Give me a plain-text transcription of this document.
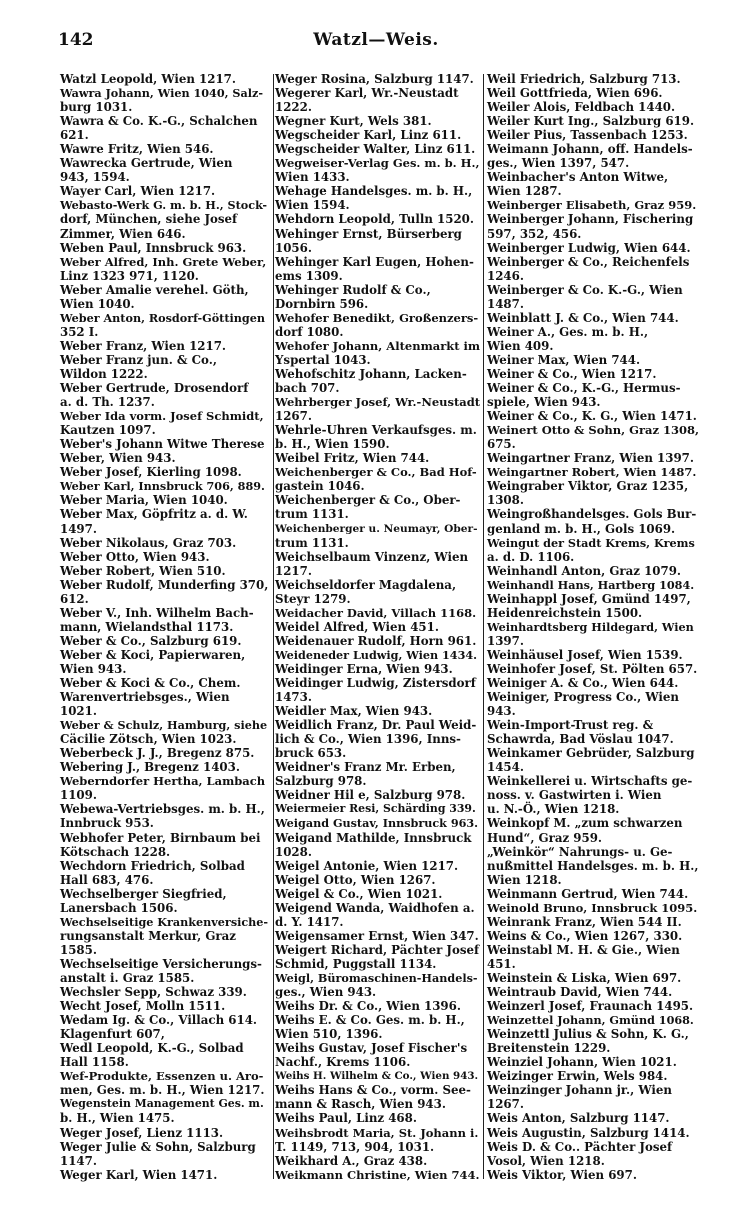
142	Watzl—Weis.
Watzl Leopold, Wien 1217.
Wawra Johann, Wien 1040, Salz-
burg 1031.
Wawra & Co. K.-G., Schalchen
621.
Wawre Fritz, Wien 546.
Wawrecka Gertrude, Wien
943, 1594.
Wayer Carl, Wien 1217.
Webasto-Werk G. m. b. H., Stock-
dorf, München, siehe Josef
Zimmer, Wien 646.
Weben Paul, Innsbruck 963.
Weber Alfred, Inh. Grete Weber,
Linz 1323 971, 1120.
Weber Amalie verehel. Göth,
Wien 1040.
Weber Anton, Rosdorf-Göttingen
352 I.
Weber Franz, Wien 1217.
Weber Franz jun. & Co.,
Wildon 1222.
Weber Gertrude, Drosendorf
a. d. Th. 1237.
Weber Ida vorm. Josef Schmidt,
Kautzen 1097.
Weber's Johann Witwe Therese
Weber, Wien 943.
Weber Josef, Kierling 1098.
Weber Karl, Innsbruck 706, 889.
Weber Maria, Wien 1040.
Weber Max, Göpfritz a. d. W.
1497.
Weber Nikolaus, Graz 703.
Weber Otto, Wien 943.
Weber Robert, Wien 510.
Weber Rudolf, Munderfing 370,
612.
Weber V., Inh. Wilhelm Bach-
mann, Wielandsthal 1173.
Weber & Co., Salzburg 619.
Weber & Koci, Papierwaren,
Wien 943.
Weber & Koci & Co., Chem.
Warenvertriebsges., Wien
1021.
Weber & Schulz, Hamburg, siehe
Cäcilie Zötsch, Wien 1023.
Weberbeck J. J., Bregenz 875.
Webering J., Bregenz 1403.
Weberndorfer Hertha, Lambach
1109.
Webewa-Vertriebsges. m. b. H.,
Innbruck 953.
Webhofer Peter, Birnbaum bei
Kötschach 1228.
Wechdorn Friedrich, Solbad
Hall 683, 476.
Wechselberger Siegfried,
Lanersbach 1506.
Wechselseitige Krankenversiche-
rungsanstalt Merkur, Graz
1585.
Wechselseitige Versicherungs-
anstalt i. Graz 1585.
Wechsler Sepp, Schwaz 339.
Wecht Josef, Molln 1511.
Wedam Ig. & Co., Villach 614.
Klagenfurt 607,
Wedl Leopold, K.-G., Solbad
Hall 1158.
Wef-Produkte, Essenzen u. Aro-
men, Ges. m. b. H., Wien 1217.
Wegenstein Management Ges. m.
b. H., Wien 1475.
Weger Josef, Lienz 1113.
Weger Julie & Sohn, Salzburg
1147.
Weger Karl, Wien 1471.
Weger Rosina, Salzburg 1147.
Wegerer Karl, Wr.-Neustadt
1222.
Wegner Kurt, Wels 381.
Wegscheider Karl, Linz 611.
Wegscheider Walter, Linz 611.
Wegweiser-Verlag Ges. m. b. H.,
Wien 1433.
Wehage Handelsges. m. b. H.,
Wien 1594.
Wehdorn Leopold, Tulln 1520.
Wehinger Ernst, Bürserberg
1056.
Wehinger Karl Eugen, Hohen-
ems 1309.
Wehinger Rudolf & Co.,
Dornbirn 596.
Wehofer Benedikt, Großenzers-
dorf 1080.
Wehofer Johann, Altenmarkt im
Yspertal 1043.
Wehofschitz Johann, Lacken-
bach 707.
Wehrberger Josef, Wr.-Neustadt
1267.
Wehrle-Uhren Verkaufsges. m.
b. H., Wien 1590.
Weibel Fritz, Wien 744.
Weichenberger & Co., Bad Hof-
gastein 1046.
Weichenberger & Co., Ober-
trum 1131.
Weichenberger u. Neumayr, Ober-
trum 1131.
Weichselbaum Vinzenz, Wien
1217.
Weichseldorfer Magdalena,
Steyr 1279.
Weidacher David, Villach 1168.
Weidel Alfred, Wien 451.
Weidenauer Rudolf, Horn 961.
Weideneder Ludwig, Wien 1434.
Weidinger Erna, Wien 943.
Weidinger Ludwig, Zistersdorf
1473.
Weidler Max, Wien 943.
Weidlich Franz, Dr. Paul Weid-
lich & Co., Wien 1396, Inns-
bruck 653.
Weidner's Franz Mr. Erben,
Salzburg 978.
Weidner Hil e, Salzburg 978.
Weiermeier Resi, Schärding 339.
Weigand Gustav, Innsbruck 963.
Weigand Mathilde, Innsbruck
1028.
Weigel Antonie, Wien 1217.
Weigel Otto, Wien 1267.
Weigel & Co., Wien 1021.
Weigend Wanda, Waidhofen a.
d. Y. 1417.
Weigensamer Ernst, Wien 347.
Weigert Richard, Pächter Josef
Schmid, Puggstall 1134.
Weigl, Büromaschinen-Handels-
ges., Wien 943.
Weihs Dr. & Co., Wien 1396.
Weihs E. & Co. Ges. m. b. H.,
Wien 510, 1396.
Weihs Gustav, Josef Fischer's
Nachf., Krems 1106.
Weihs H. Wilhelm & Co., Wien 943.
Weihs Hans & Co., vorm. See-
mann & Rasch, Wien 943.
Weihs Paul, Linz 468.
Weihsbrodt Maria, St. Johann i.
T. 1149, 713, 904, 1031.
Weikhard A., Graz 438.
Weikmann Christine, Wien 744.
Weil Friedrich, Salzburg 713.
Weil Gottfrieda, Wien 696.
Weiler Alois, Feldbach 1440.
Weiler Kurt Ing., Salzburg 619.
Weiler Pius, Tassenbach 1253.
Weimann Johann, off. Handels-
ges., Wien 1397, 547.
Weinbacher's Anton Witwe,
Wien 1287.
Weinberger Elisabeth, Graz 959.
Weinberger Johann, Fischering
597, 352, 456.
Weinberger Ludwig, Wien 644.
Weinberger & Co., Reichenfels
1246.
Weinberger & Co. K.-G., Wien
1487.
Weinblatt J. & Co., Wien 744.
Weiner A., Ges. m. b. H.,
Wien 409.
Weiner Max, Wien 744.
Weiner & Co., Wien 1217.
Weiner & Co., K.-G., Hermus-
spiele, Wien 943.
Weiner & Co., K. G., Wien 1471.
Weinert Otto & Sohn, Graz 1308,
675.
Weingartner Franz, Wien 1397.
Weingartner Robert, Wien 1487.
Weingraber Viktor, Graz 1235,
1308.
Weingroßhandelsges. Gols Bur-
genland m. b. H., Gols 1069.
Weingut der Stadt Krems, Krems
a. d. D. 1106.
Weinhandl Anton, Graz 1079.
Weinhandl Hans, Hartberg 1084.
Weinhappl Josef, Gmünd 1497,
Heidenreichstein 1500.
Weinhardtsberg Hildegard, Wien
1397.
Weinhäusel Josef, Wien 1539.
Weinhofer Josef, St. Pölten 657.
Weiniger A. & Co., Wien 644.
Weiniger, Progress Co., Wien
943.
Wein-Import-Trust reg. &
Schawrda, Bad Vöslau 1047.
Weinkamer Gebrüder, Salzburg
1454.
Weinkellerei u. Wirtschafts ge-
noss. v. Gastwirten i. Wien
u. N.-Ö., Wien 1218.
Weinkopf M. „zum schwarzen
Hund“, Graz 959.
„Weinkör“ Nahrungs- u. Ge-
nußmittel Handelsges. m. b. H.,
Wien 1218.
Weinmann Gertrud, Wien 744.
Weinold Bruno, Innsbruck 1095.
Weinrank Franz, Wien 544 II.
Weins & Co., Wien 1267, 330.
Weinstabl M. H. & Gie., Wien
451.
Weinstein & Liska, Wien 697.
Weintraub David, Wien 744.
Weinzerl Josef, Fraunach 1495.
Weinzettel Johann, Gmünd 1068.
Weinzettl Julius & Sohn, K. G.,
Breitenstein 1229.
Weinziel Johann, Wien 1021.
Weizinger Erwin, Wels 984.
Weinzinger Johann jr., Wien
1267.
Weis Anton, Salzburg 1147.
Weis Augustin, Salzburg 1414.
Weis D. & Co.. Pächter Josef
Vosol, Wien 1218.
Weis Viktor, Wien 697.
